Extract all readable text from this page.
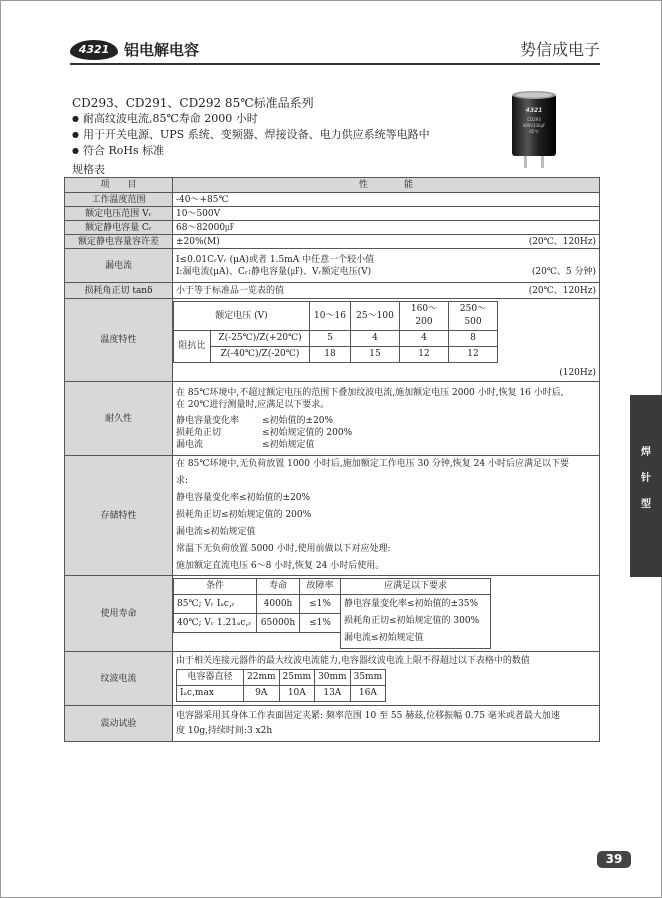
4321 铝电解电容	势信成电子
CD293、CD291、CD292 85℃标准品系列
● 耐高纹波电流,85℃寿命 2000 小时
● 用于开关电源、UPS 系统、变频器、焊接设备、电力供应系统等电路中
● 符合 RoHs 标准
4321
CD293
400V330μF
85℃
规格表
项　　目	性　　　　能
工作温度范围	-40～+85℃
额定电压范围 Vᵣ	10～500V
额定静电容量 Cᵣ	68～82000㎌
额定静电容量容许差	±20%(M)	(20℃、120Hz)

漏电流	
I≤0.01CᵣVᵣ (μA)或者 1.5mA 中任意一个较小值
I:漏电流(μA)、Cᵣ:静电容量(㎌)、Vᵣ额定电压(V)	(20℃、5 分钟)

损耗角正切 tanδ	小于等于标准品一览表的值	(20℃、120Hz)

温度特性	
额定电压 (V)	10～16	25～100	160～200	250～500
阻抗比	Z(-25℃)/Z(+20℃)	5	4	4	8
Z(-40℃)/Z(-20℃)	18	15	12	12
(120Hz)

耐久性	
在 85℃环境中,不超过额定电压的范围下叠加纹波电流,施加额定电压 2000 小时,恢复 16 小时后,
在 20℃进行测量时,应满足以下要求。
静电容量变化率	≤初始值的±20%
损耗角正切	≤初始规定值的 200%
漏电流	≤初始规定值

存储特性	
在 85℃环境中,无负荷放置 1000 小时后,施加额定工作电压 30 分钟,恢复 24 小时后应满足以下要
求:
静电容量变化率≤初始值的±20%
损耗角正切≤初始规定值的 200%
漏电流≤初始规定值
常温下无负荷放置 5000 小时,使用前做以下对应处理:
施加额定直流电压 6～8 小时,恢复 24 小时后使用。

使用寿命	
条件	寿命	故障率	应满足以下要求
85℃; Vᵣ Iₐc,ᵣ	4000h	≤1%	静电容量变化率≤初始值的±35%
损耗角正切≤初始规定值的 300%
漏电流≤初始规定值

40℃; Vᵣ 1.21ₐc,ᵣ	65000h	≤1%

纹波电流	
由于相关连接元器件的最大纹波电流能力,电容器纹波电流上限不得超过以下表格中的数值
电容器直径	22mm	25mm	30mm	35mm
Iₐc,max	9A	10A	13A	16A

震动试验	
电容器采用其身体工作表面固定夹紧: 频率范围 10 至 55 赫兹,位移振幅 0.75 毫米或者最大加速
度 10g,持续时间:3 x2h
焊
针
型
39
